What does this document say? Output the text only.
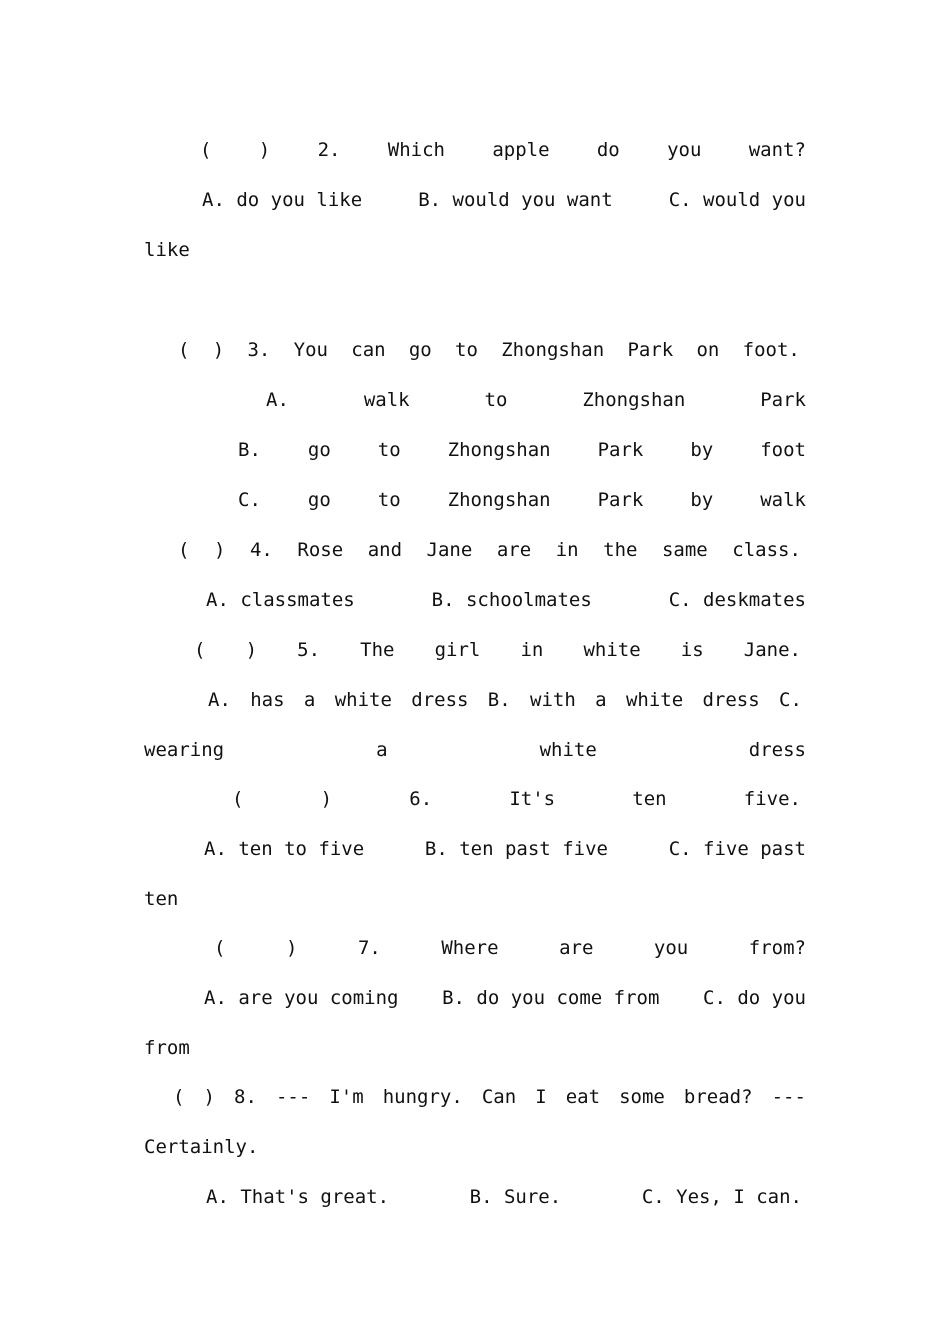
( ) 2. Which apple do you want?
A. do you like	B. would you want	C. would you
like
( ) 3. You can go to Zhongshan Park on foot.
A.	walk	to	Zhongshan	Park
B. go to Zhongshan Park by foot
C. go to Zhongshan Park by walk
( ) 4. Rose and Jane are in the same class.
A. classmates	B. schoolmates	C. deskmates
( ) 5. The girl in white is Jane.
A. has a white dress B. with a white dress C.
wearing	a	white	dress
(	)	6.	It's	ten	five.
A. ten to five	B. ten past five	C. five past
ten
(	)	7.	Where	are	you	from?
A. are you coming B. do you come from C. do you
from
( ) 8. --- I'm hungry. Can I eat some bread? ---
Certainly.
A. That's great.	B. Sure.	C. Yes, I can.
